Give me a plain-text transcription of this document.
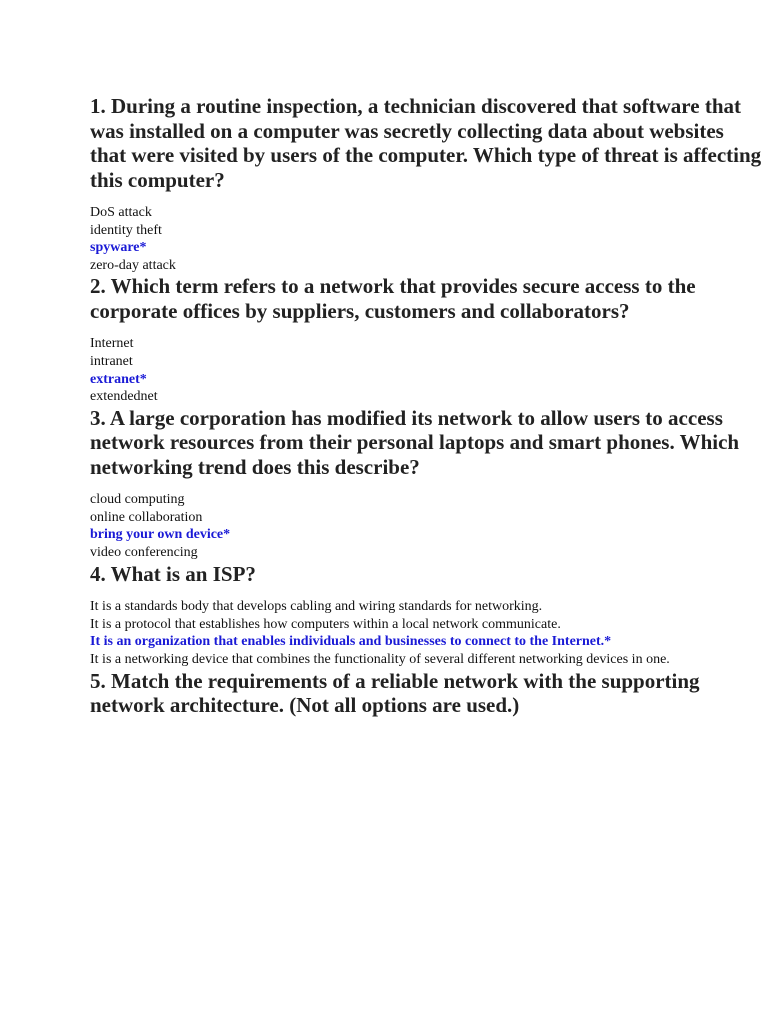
1. During a routine inspection, a technician discovered that software that was installed on a computer was secretly collecting data about websites that were visited by users of the computer. Which type of threat is affecting this computer?
DoS attack
identity theft
spyware*
zero-day attack
2. Which term refers to a network that provides secure access to the corporate offices by suppliers, customers and collaborators?
Internet
intranet
extranet*
extendednet
3. A large corporation has modified its network to allow users to access network resources from their personal laptops and smart phones. Which networking trend does this describe?
cloud computing
online collaboration
bring your own device*
video conferencing
4. What is an ISP?
It is a standards body that develops cabling and wiring standards for networking.
It is a protocol that establishes how computers within a local network communicate.
It is an organization that enables individuals and businesses to connect to the Internet.*
It is a networking device that combines the functionality of several different networking devices in one.
5. Match the requirements of a reliable network with the supporting network architecture. (Not all options are used.)
